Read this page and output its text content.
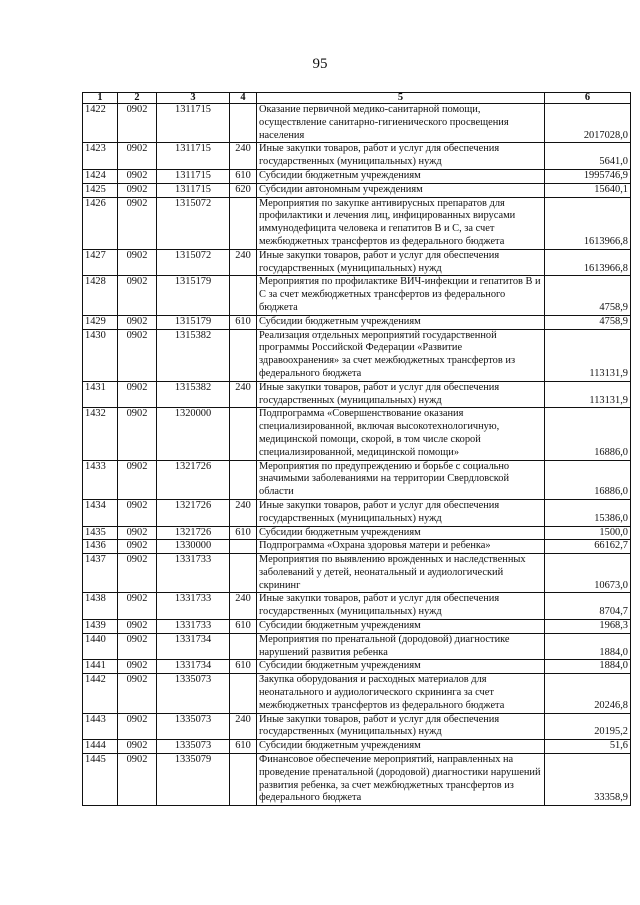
95
1	2	3	4	5	6
1422	0902	1311715		Оказание первичной медико-санитарной помощи, осуществление санитарно-гигиенического просвещения населения	2017028,0
1423	0902	1311715	240	Иные закупки товаров, работ и услуг для обеспечения государственных (муниципальных) нужд	5641,0
1424	0902	1311715	610	Субсидии бюджетным учреждениям	1995746,9
1425	0902	1311715	620	Субсидии автономным учреждениям	15640,1
1426	0902	1315072		Мероприятия по закупке антивирусных препаратов для профилактики и лечения лиц, инфицированных вирусами иммунодефицита человека и гепатитов В и С, за счет межбюджетных трансфертов из федерального бюджета	1613966,8
1427	0902	1315072	240	Иные закупки товаров, работ и услуг для обеспечения государственных (муниципальных) нужд	1613966,8
1428	0902	1315179		Мероприятия по профилактике ВИЧ-инфекции и гепатитов В и С за счет межбюджетных трансфертов из федерального бюджета	4758,9
1429	0902	1315179	610	Субсидии бюджетным учреждениям	4758,9
1430	0902	1315382		Реализация отдельных мероприятий государственной программы Российской Федерации «Развитие здравоохранения» за счет межбюджетных трансфертов из федерального бюджета	113131,9
1431	0902	1315382	240	Иные закупки товаров, работ и услуг для обеспечения государственных (муниципальных) нужд	113131,9
1432	0902	1320000		Подпрограмма «Совершенствование оказания специализированной, включая высокотехнологичную, медицинской помощи, скорой, в том числе скорой специализированной, медицинской помощи»	16886,0
1433	0902	1321726		Мероприятия по предупреждению и борьбе с социально значимыми заболеваниями на территории Свердловской области	16886,0
1434	0902	1321726	240	Иные закупки товаров, работ и услуг для обеспечения государственных (муниципальных) нужд	15386,0
1435	0902	1321726	610	Субсидии бюджетным учреждениям	1500,0
1436	0902	1330000		Подпрограмма «Охрана здоровья матери и ребенка»	66162,7
1437	0902	1331733		Мероприятия по выявлению врожденных и наследственных заболеваний у детей, неонатальный и аудиологический скрининг	10673,0
1438	0902	1331733	240	Иные закупки товаров, работ и услуг для обеспечения государственных (муниципальных) нужд	8704,7
1439	0902	1331733	610	Субсидии бюджетным учреждениям	1968,3
1440	0902	1331734		Мероприятия по пренатальной (дородовой) диагностике нарушений развития ребенка	1884,0
1441	0902	1331734	610	Субсидии бюджетным учреждениям	1884,0
1442	0902	1335073		Закупка оборудования и расходных материалов для неонатального и аудиологического скрининга за счет межбюджетных трансфертов из федерального бюджета	20246,8
1443	0902	1335073	240	Иные закупки товаров, работ и услуг для обеспечения государственных (муниципальных) нужд	20195,2
1444	0902	1335073	610	Субсидии бюджетным учреждениям	51,6
1445	0902	1335079		Финансовое обеспечение мероприятий, направленных на проведение пренатальной (дородовой) диагностики нарушений развития ребенка, за счет межбюджетных трансфертов из федерального бюджета	33358,9
